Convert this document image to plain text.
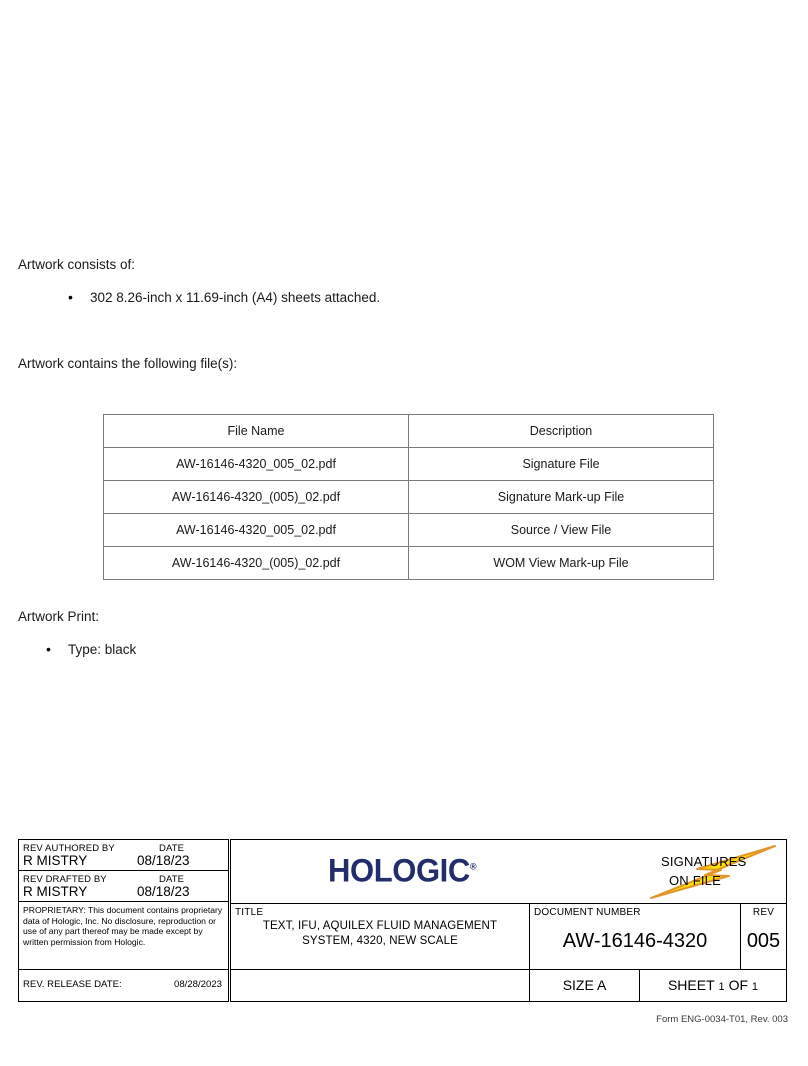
Artwork consists of:
• 302 8.26-inch x 11.69-inch (A4) sheets attached.
Artwork contains the following file(s):
File Name	Description
AW-16146-4320_005_02.pdf	Signature File
AW-16146-4320_(005)_02.pdf	Signature Mark-up File
AW-16146-4320_005_02.pdf	Source / View File
AW-16146-4320_(005)_02.pdf	WOM View Mark-up File
Artwork Print:
• Type: black
REV AUTHORED BY	DATE
R MISTRY	08/18/23
REV DRAFTED BY	DATE
R MISTRY	08/18/23
PROPRIETARY: This document contains proprietary data of Hologic, Inc. No disclosure, reproduction or use of any part thereof may be made except by written permission from Hologic.
REV. RELEASE DATE:	08/28/2023
HOLOGIC®	SIGNATURES
ON FILE
TITLE
TEXT, IFU, AQUILEX FLUID MANAGEMENT SYSTEM, 4320, NEW SCALE
DOCUMENT NUMBER
AW-16146-4320
REV
005
SIZE A	SHEET 1 OF 1
Form ENG-0034-T01, Rev. 003
